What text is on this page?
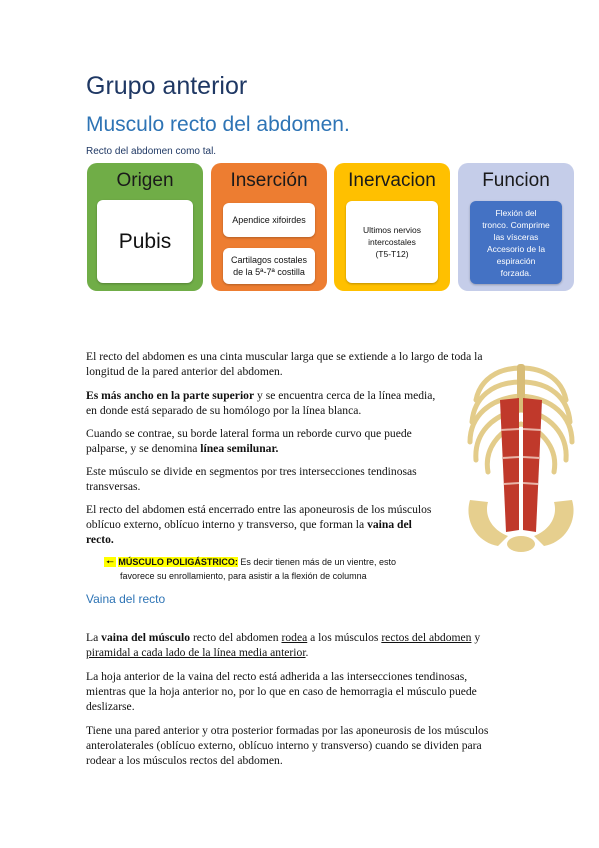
Grupo anterior
Musculo recto del abdomen.
Recto del abdomen como tal.
Origen
Pubis
Inserción
Apendice xifoirdes
Cartilagos costales
de la 5ª-7ª costilla
Inervacion
Ultimos nervios
intercostales
(T5-T12)
Funcion
Flexión del
tronco. Comprime
las vísceras
Accesorio de la
espiración
forzada.
El recto del abdomen es una cinta muscular larga que se extiende a lo largo de toda la longitud de la pared anterior del abdomen.
Es más ancho en la parte superior y se encuentra cerca de la línea media,
en donde está separado de su homólogo por la línea blanca.
Cuando se contrae, su borde lateral forma un reborde curvo que puede
palparse, y se denomina línea semilunar.
Este músculo se divide en segmentos por tres intersecciones tendinosas
transversas.
El recto del abdomen está encerrado entre las aponeurosis de los músculos
oblícuo externo, oblícuo interno y transverso, que forman la vaina del
recto.
🠔 MÚSCULO POLIGÁSTRICO: Es decir tienen más de un vientre, esto
favorece su enrollamiento, para asistir a la flexión de columna
Vaina del recto
La vaina del músculo recto del abdomen rodea a los músculos rectos del abdomen y
piramidal a cada lado de la línea media anterior.
La hoja anterior de la vaina del recto está adherida a las intersecciones tendinosas, mientras que la hoja anterior no, por lo que en caso de hemorragia el músculo puede deslizarse.
Tiene una pared anterior y otra posterior formadas por las aponeurosis de los músculos anterolaterales (oblícuo externo, oblícuo interno y transverso) cuando se dividen para rodear a los músculos rectos del abdomen.
